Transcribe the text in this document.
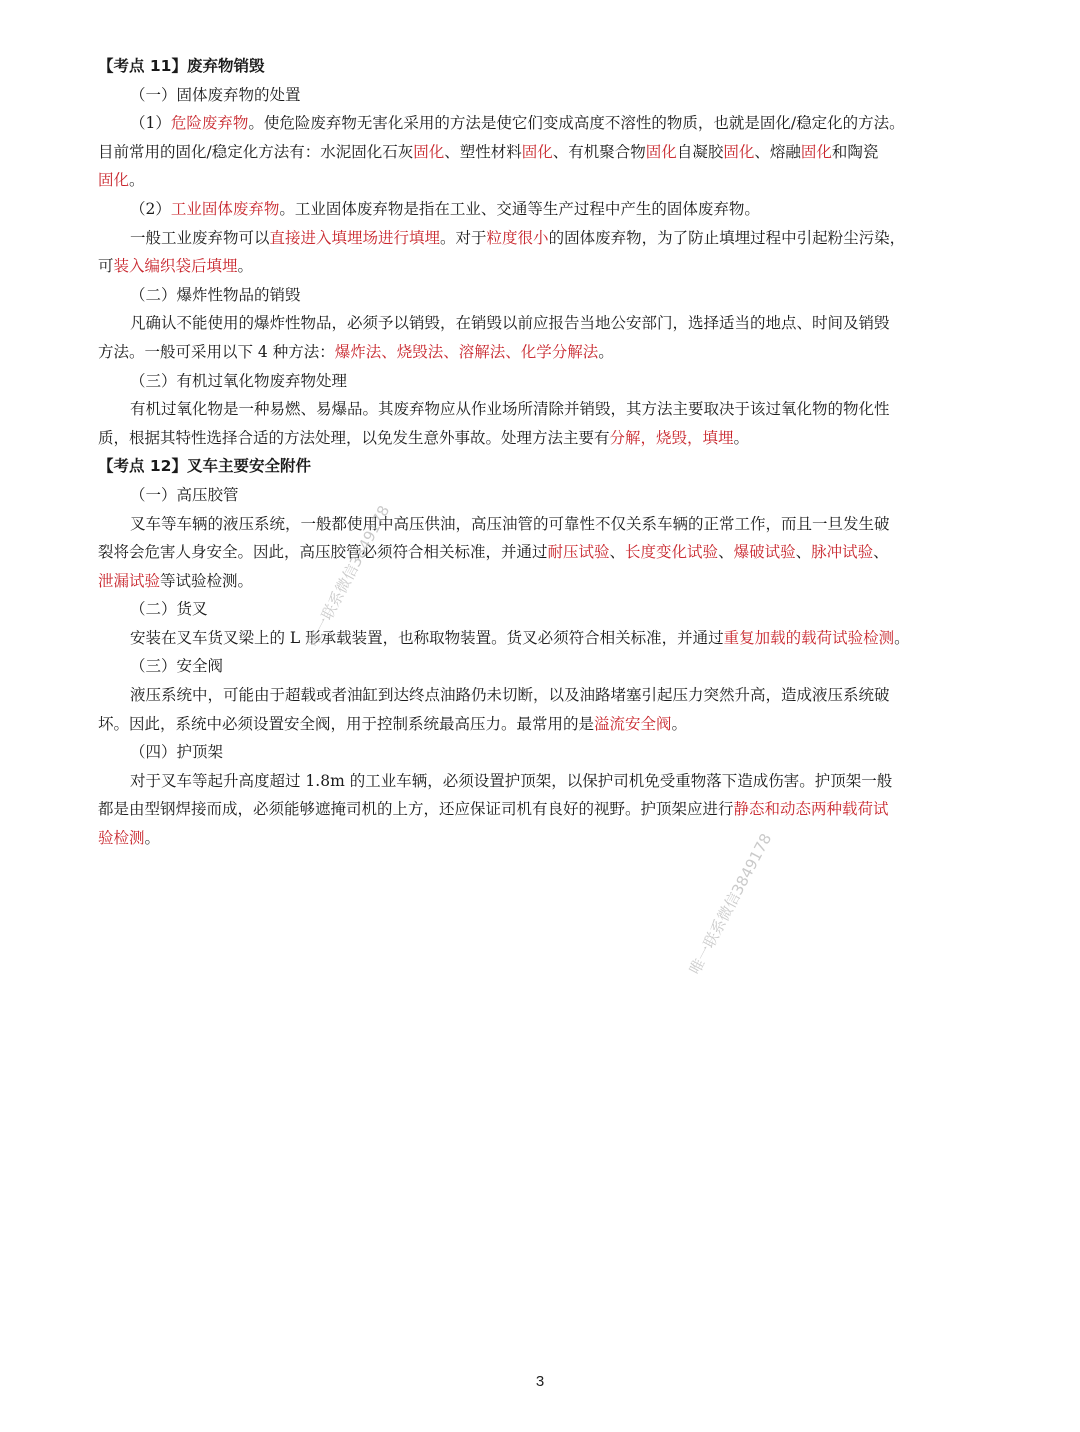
【考点 11】废弃物销毁
（一）固体废弃物的处置
（1）危险废弃物。使危险废弃物无害化采用的方法是使它们变成高度不溶性的物质，也就是固化/稳定化的方法。
目前常用的固化/稳定化方法有：水泥固化石灰固化、塑性材料固化、有机聚合物固化自凝胶固化、熔融固化和陶瓷
固化。
（2）工业固体废弃物。工业固体废弃物是指在工业、交通等生产过程中产生的固体废弃物。
一般工业废弃物可以直接进入填埋场进行填埋。对于粒度很小的固体废弃物，为了防止填埋过程中引起粉尘污染，
可装入编织袋后填埋。
（二）爆炸性物品的销毁
凡确认不能使用的爆炸性物品，必须予以销毁，在销毁以前应报告当地公安部门，选择适当的地点、时间及销毁
方法。一般可采用以下 4 种方法：爆炸法、烧毁法、溶解法、化学分解法。
（三）有机过氧化物废弃物处理
有机过氧化物是一种易燃、易爆品。其废弃物应从作业场所清除并销毁，其方法主要取决于该过氧化物的物化性
质，根据其特性选择合适的方法处理，以免发生意外事故。处理方法主要有分解，烧毁，填埋。
【考点 12】叉车主要安全附件
（一）高压胶管
叉车等车辆的液压系统，一般都使用中高压供油，高压油管的可靠性不仅关系车辆的正常工作，而且一旦发生破
裂将会危害人身安全。因此，高压胶管必须符合相关标准，并通过耐压试验、长度变化试验、爆破试验、脉冲试验、
泄漏试验等试验检测。
（二）货叉
安装在叉车货叉梁上的 L 形承载装置，也称取物装置。货叉必须符合相关标准，并通过重复加载的载荷试验检测。
（三）安全阀
液压系统中，可能由于超载或者油缸到达终点油路仍未切断，以及油路堵塞引起压力突然升高，造成液压系统破
坏。因此，系统中必须设置安全阀，用于控制系统最高压力。最常用的是溢流安全阀。
（四）护顶架
对于叉车等起升高度超过 1.8m 的工业车辆，必须设置护顶架，以保护司机免受重物落下造成伤害。护顶架一般
都是由型钢焊接而成，必须能够遮掩司机的上方，还应保证司机有良好的视野。护顶架应进行静态和动态两种载荷试
验检测。
唯一联系微信3849178
唯一联系微信3849178
3
